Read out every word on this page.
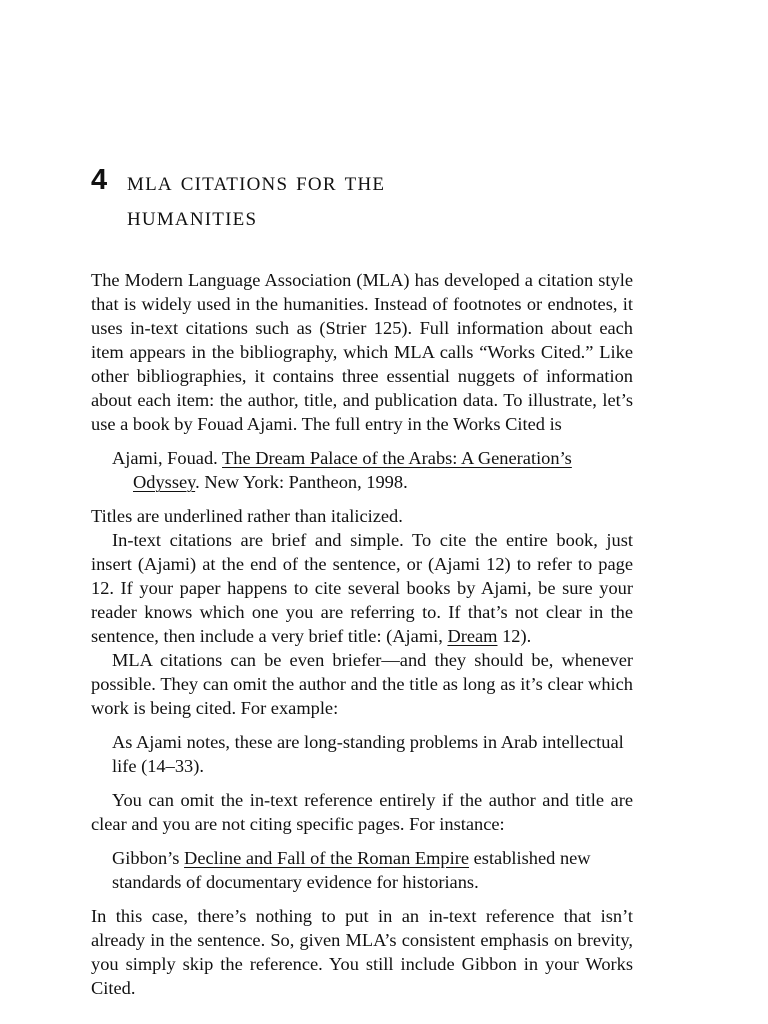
4 mla citations for the
humanities

The Modern Language Association (MLA) has developed a citation style that is widely used in the humanities. Instead of footnotes or endnotes, it uses in-text citations such as (Strier 125). Full information about each item appears in the bibliography, which MLA calls “Works Cited.” Like other bibliographies, it contains three essential nuggets of information about each item: the author, title, and publication data. To illustrate, let’s use a book by Fouad Ajami. The full entry in the Works Cited is

Ajami, Fouad. The Dream Palace of the Arabs: A Generation’s Odyssey. New York: Pantheon, 1998.

Titles are underlined rather than italicized.

In-text citations are brief and simple. To cite the entire book, just insert (Ajami) at the end of the sentence, or (Ajami 12) to refer to page 12. If your paper happens to cite several books by Ajami, be sure your reader knows which one you are referring to. If that’s not clear in the sentence, then include a very brief title: (Ajami, Dream 12).

MLA citations can be even briefer—and they should be, whenever possible. They can omit the author and the title as long as it’s clear which work is being cited. For example:

As Ajami notes, these are long-standing problems in Arab intellectual life (14–33).

You can omit the in-text reference entirely if the author and title are clear and you are not citing specific pages. For instance:

Gibbon’s Decline and Fall of the Roman Empire established new standards of documentary evidence for historians.

In this case, there’s nothing to put in an in-text reference that isn’t already in the sentence. So, given MLA’s consistent emphasis on brevity, you simply skip the reference. You still include Gibbon in your Works Cited.
